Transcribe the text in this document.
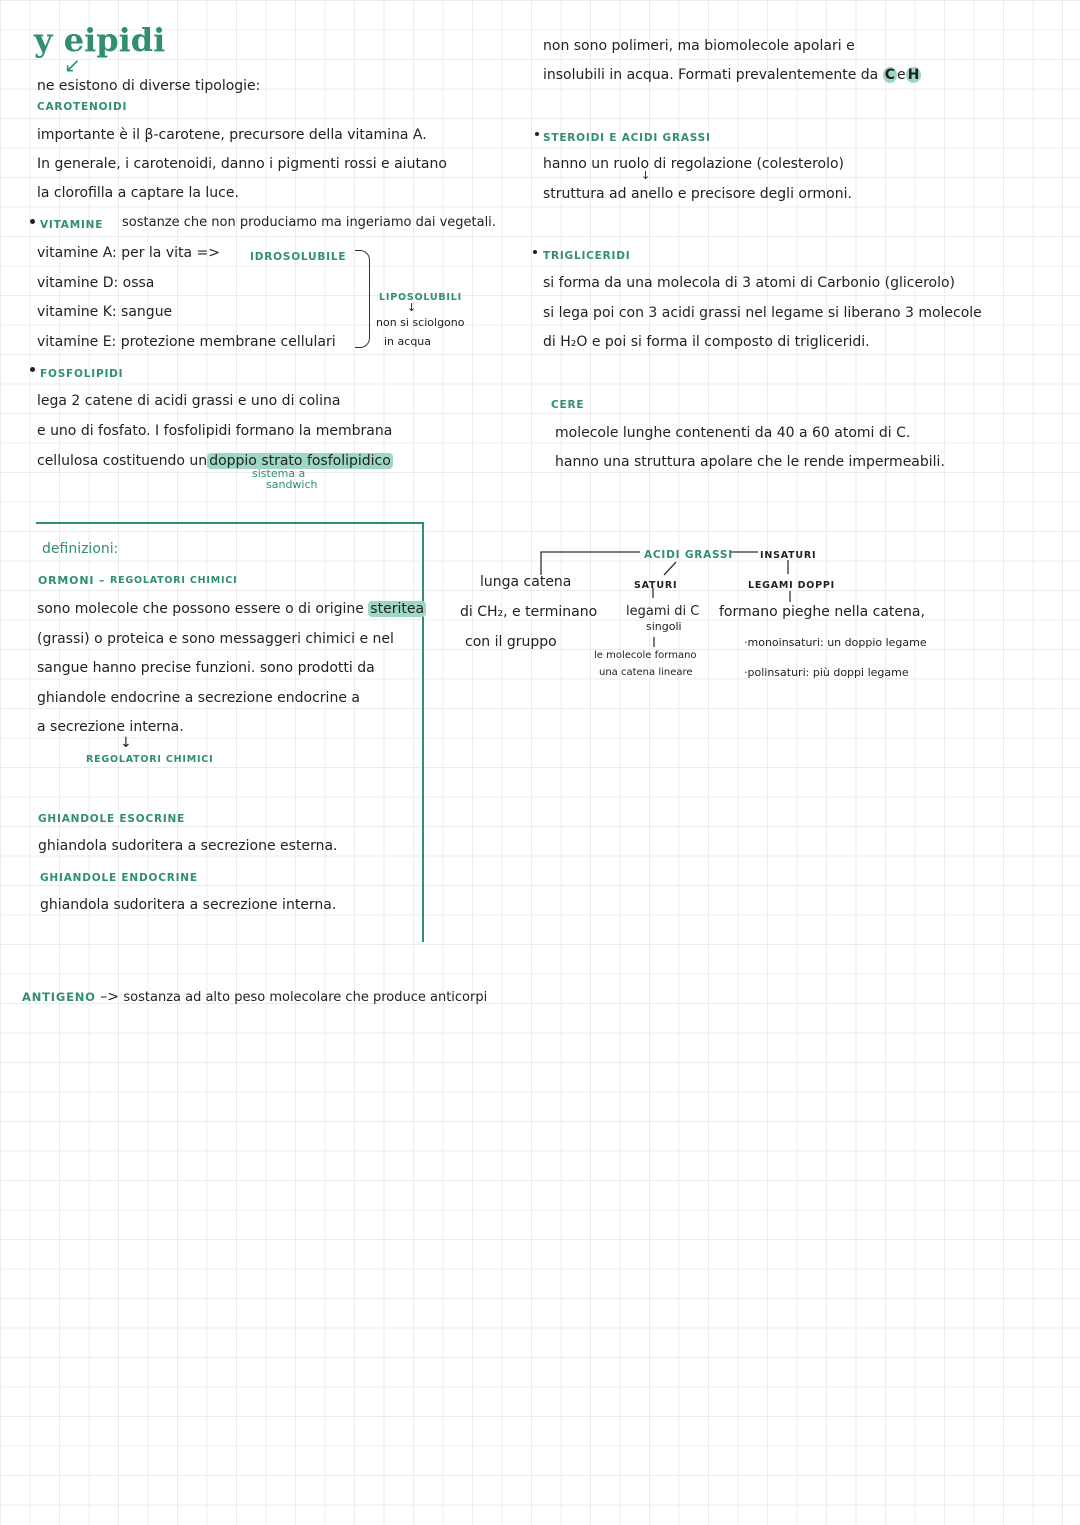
y eipidi
↙
ne esistono di diverse tipologie:
CAROTENOIDI
importante è il β-carotene, precursore della vitamina A.
In generale, i carotenoidi, danno i pigmenti rossi e aiutano
la clorofilla a captare la luce.
VITAMINE sostanze che non produciamo ma ingeriamo dai vegetali.
vitamine A: per la vita =>	IDROSOLUBILE
vitamine D: ossa
vitamine K: sangue
vitamine E: protezione membrane cellulari
LIPOSOLUBILI
↓
non si sciolgono
in acqua
FOSFOLIPIDI
lega 2 catene di acidi grassi e uno di colina
e uno di fosfato. I fosfolipidi formano la membrana
cellulosa costituendo un doppio strato fosfolipidico
sistema a
sandwich
non sono polimeri, ma biomolecole apolari e
insolubili in acqua. Formati prevalentemente da C e H
STEROIDI E ACIDI GRASSI
hanno un ruolo di regolazione (colesterolo)
↓
struttura ad anello e precisore degli ormoni.
TRIGLICERIDI
si forma da una molecola di 3 atomi di Carbonio (glicerolo)
si lega poi con 3 acidi grassi nel legame si liberano 3 molecole
di H₂O e poi si forma il composto di trigliceridi.
CERE
molecole lunghe contenenti da 40 a 60 atomi di C.
hanno una struttura apolare che le rende impermeabili.
definizioni:
ORMONI – REGOLATORI CHIMICI
sono molecole che possono essere o di origine steritea
(grassi) o proteica e sono messaggeri chimici e nel
sangue hanno precise funzioni. sono prodotti da
ghiandole endocrine a secrezione endocrine a
a secrezione interna.
↓
REGOLATORI CHIMICI
GHIANDOLE ESOCRINE
ghiandola sudoritera a secrezione esterna.
GHIANDOLE ENDOCRINE
ghiandola sudoritera a secrezione interna.
ACIDI GRASSI
lunga catena
di CH₂, e terminano
con il gruppo
SATURI
legami di C
singoli
le molecole formano
una catena lineare
INSATURI
LEGAMI DOPPI
formano pieghe nella catena,
·monoinsaturi: un doppio legame
·polinsaturi: più doppi legame
ANTIGENO –> sostanza ad alto peso molecolare che produce anticorpi
